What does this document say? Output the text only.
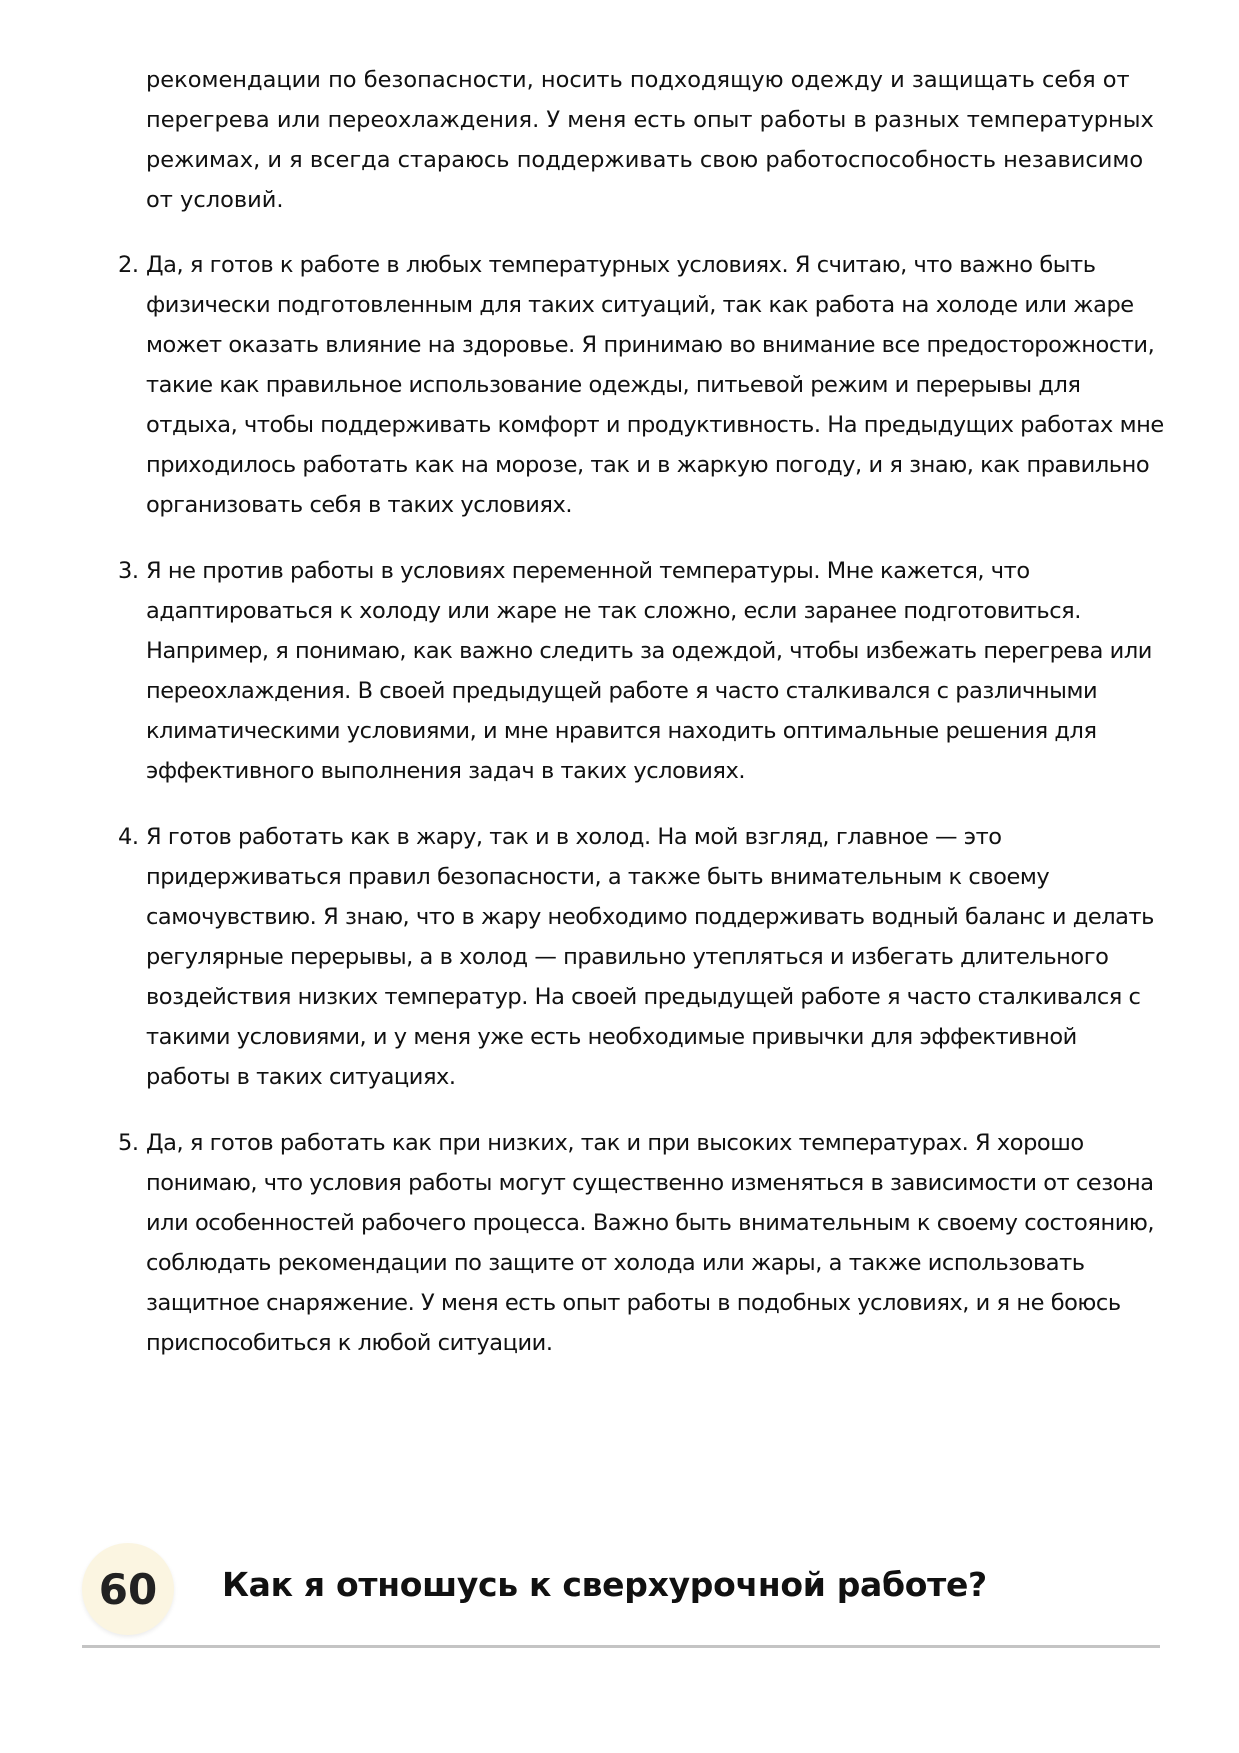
рекомендации по безопасности, носить подходящую одежду и защищать себя от перегрева или переохлаждения. У меня есть опыт работы в разных температурных режимах, и я всегда стараюсь поддерживать свою работоспособность независимо от условий.

2. Да, я готов к работе в любых температурных условиях. Я считаю, что важно быть физически подготовленным для таких ситуаций, так как работа на холоде или жаре может оказать влияние на здоровье. Я принимаю во внимание все предосторожности, такие как правильное использование одежды, питьевой режим и перерывы для отдыха, чтобы поддерживать комфорт и продуктивность. На предыдущих работах мне приходилось работать как на морозе, так и в жаркую погоду, и я знаю, как правильно организовать себя в таких условиях.
3. Я не против работы в условиях переменной температуры. Мне кажется, что адаптироваться к холоду или жаре не так сложно, если заранее подготовиться. Например, я понимаю, как важно следить за одеждой, чтобы избежать перегрева или переохлаждения. В своей предыдущей работе я часто сталкивался с различными климатическими условиями, и мне нравится находить оптимальные решения для эффективного выполнения задач в таких условиях.
4. Я готов работать как в жару, так и в холод. На мой взгляд, главное — это придерживаться правил безопасности, а также быть внимательным к своему самочувствию. Я знаю, что в жару необходимо поддерживать водный баланс и делать регулярные перерывы, а в холод — правильно утепляться и избегать длительного воздействия низких температур. На своей предыдущей работе я часто сталкивался с такими условиями, и у меня уже есть необходимые привычки для эффективной работы в таких ситуациях.
5. Да, я готов работать как при низких, так и при высоких температурах. Я хорошо понимаю, что условия работы могут существенно изменяться в зависимости от сезона или особенностей рабочего процесса. Важно быть внимательным к своему состоянию, соблюдать рекомендации по защите от холода или жары, а также использовать защитное снаряжение. У меня есть опыт работы в подобных условиях, и я не боюсь приспособиться к любой ситуации.
60	Как я отношусь к сверхурочной работе?
